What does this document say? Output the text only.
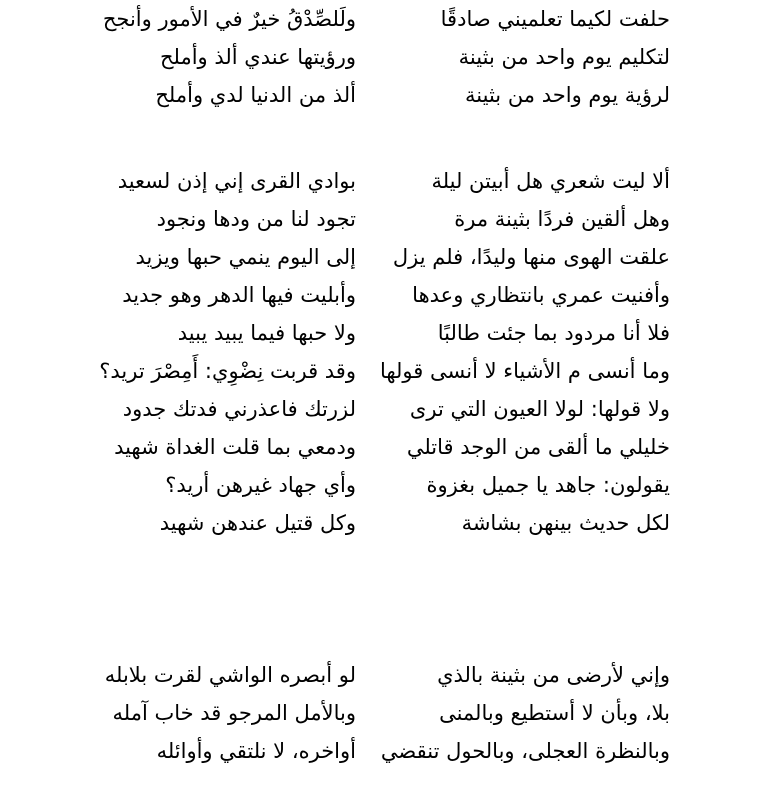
حلفت لكيما تعلميني صادقًا
ولَلصِّدْقُ خيرٌ في الأمور وأنجح
لتكليم يوم واحد من بثينة
ورؤيتها عندي ألذ وأملح
لرؤية يوم واحد من بثينة
ألذ من الدنيا لدي وأملح
ألا ليت شعري هل أبيتن ليلة
بوادي القرى إني إذن لسعيد
وهل ألقين فردًا بثينة مرة
تجود لنا من ودها ونجود
علقت الهوى منها وليدًا، فلم يزل
إلى اليوم ينمي حبها ويزيد
وأفنيت عمري بانتظاري وعدها
وأبليت فيها الدهر وهو جديد
فلا أنا مردود بما جئت طالبًا
ولا حبها فيما يبيد يبيد
وما أنسى م الأشياء لا أنسى قولها
وقد قربت نِضْوِي: أَمِصْرَ تريد؟
ولا قولها: لولا العيون التي ترى
لزرتك فاعذرني فدتك جدود
خليلي ما ألقى من الوجد قاتلي
ودمعي بما قلت الغداة شهيد
يقولون: جاهد يا جميل بغزوة
وأي جهاد غيرهن أريد؟
لكل حديث بينهن بشاشة
وكل قتيل عندهن شهيد
وإني لأرضى من بثينة بالذي
لو أبصره الواشي لقرت بلابله
بلا، وبأن لا أستطيع وبالمنى
وبالأمل المرجو قد خاب آمله
وبالنظرة العجلى، وبالحول تنقضي
أواخره، لا نلتقي وأوائله
